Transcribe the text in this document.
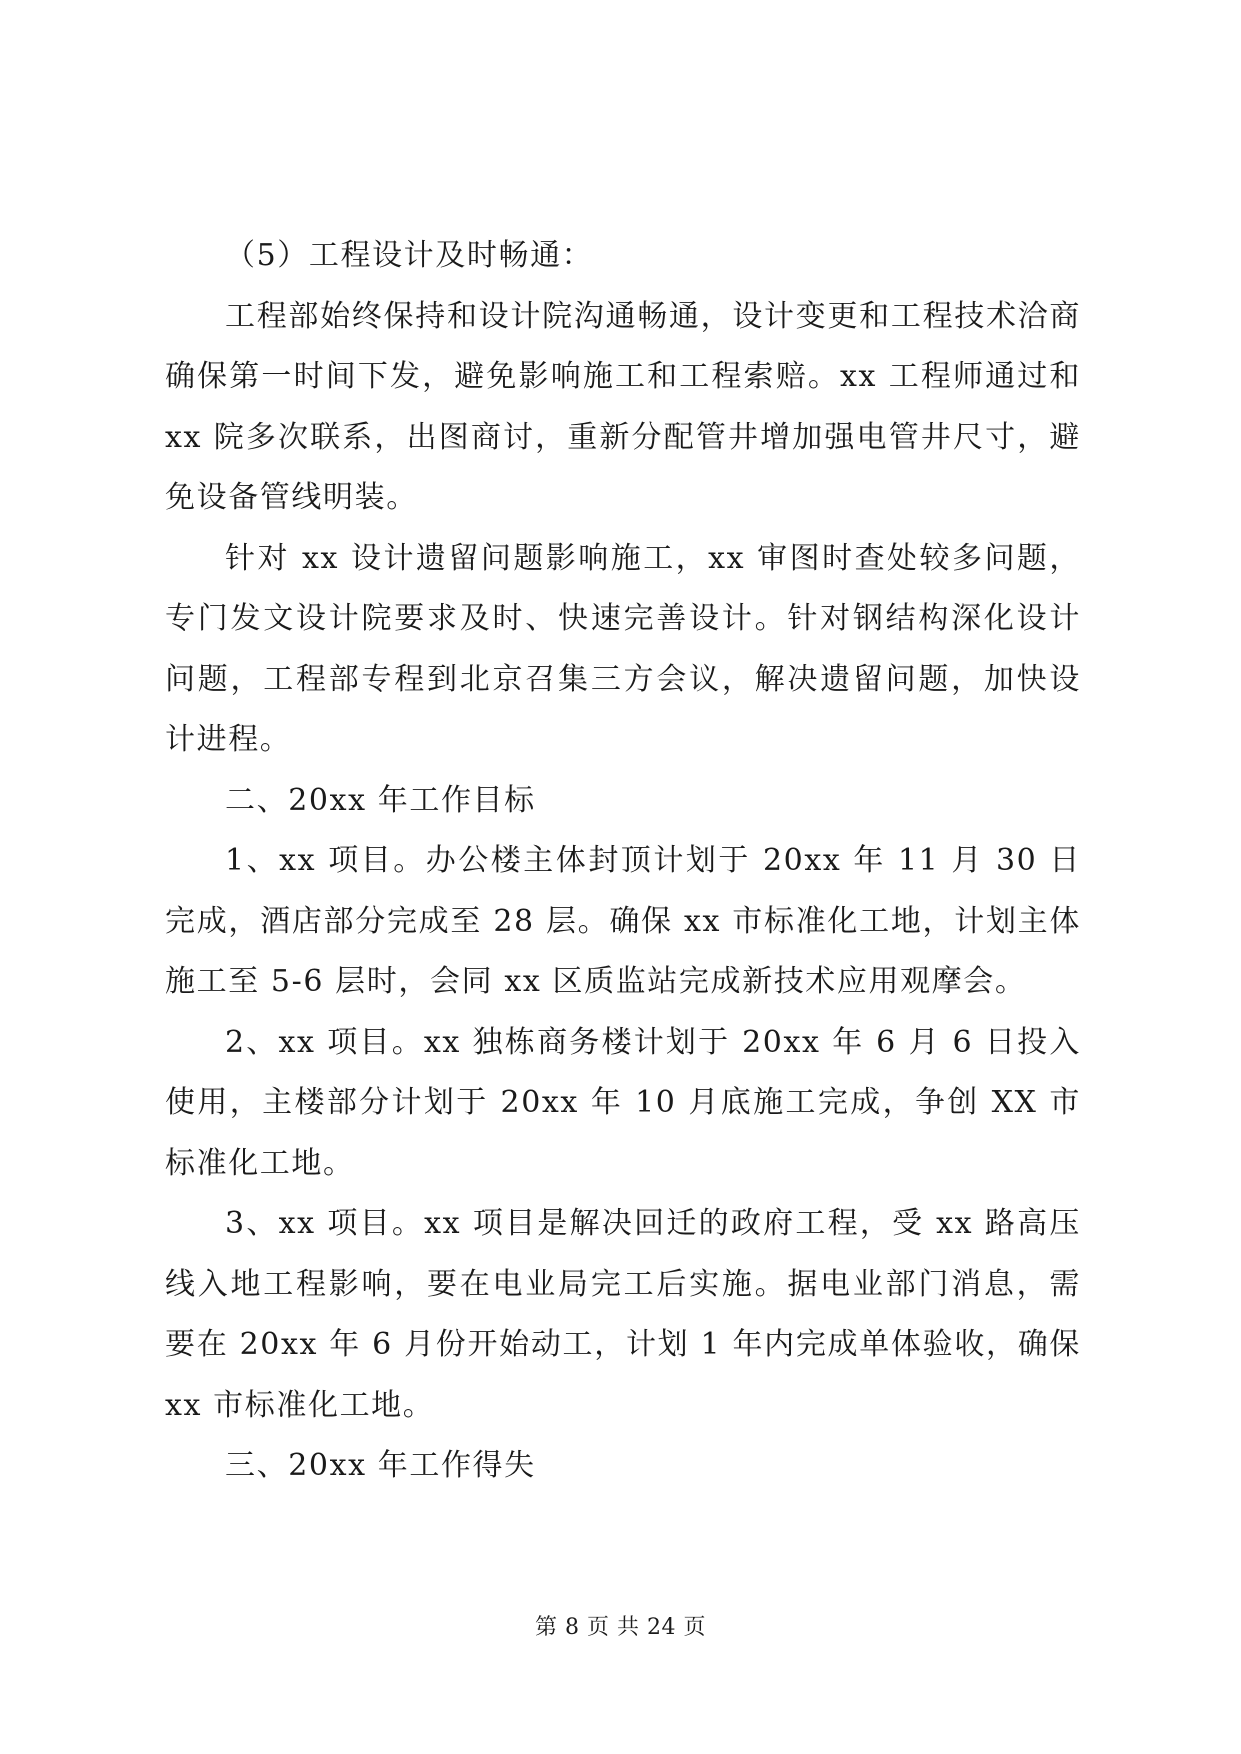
（5）工程设计及时畅通：

工程部始终保持和设计院沟通畅通，设计变更和工程技术洽商确保第一时间下发，避免影响施工和工程索赔。xx 工程师通过和 xx 院多次联系，出图商讨，重新分配管井增加强电管井尺寸，避免设备管线明装。

针对 xx 设计遗留问题影响施工，xx 审图时查处较多问题，专门发文设计院要求及时、快速完善设计。针对钢结构深化设计问题，工程部专程到北京召集三方会议，解决遗留问题，加快设计进程。

二、20xx 年工作目标

1、xx 项目。办公楼主体封顶计划于 20xx 年 11 月 30 日完成，酒店部分完成至 28 层。确保 xx 市标准化工地，计划主体施工至 5-6 层时，会同 xx 区质监站完成新技术应用观摩会。

2、xx 项目。xx 独栋商务楼计划于 20xx 年 6 月 6 日投入使用，主楼部分计划于 20xx 年 10 月底施工完成，争创 XX 市标准化工地。

3、xx 项目。xx 项目是解决回迁的政府工程，受 xx 路高压线入地工程影响，要在电业局完工后实施。据电业部门消息，需要在 20xx 年 6 月份开始动工，计划 1 年内完成单体验收，确保 xx 市标准化工地。

三、20xx 年工作得失

第 8 页 共 24 页
